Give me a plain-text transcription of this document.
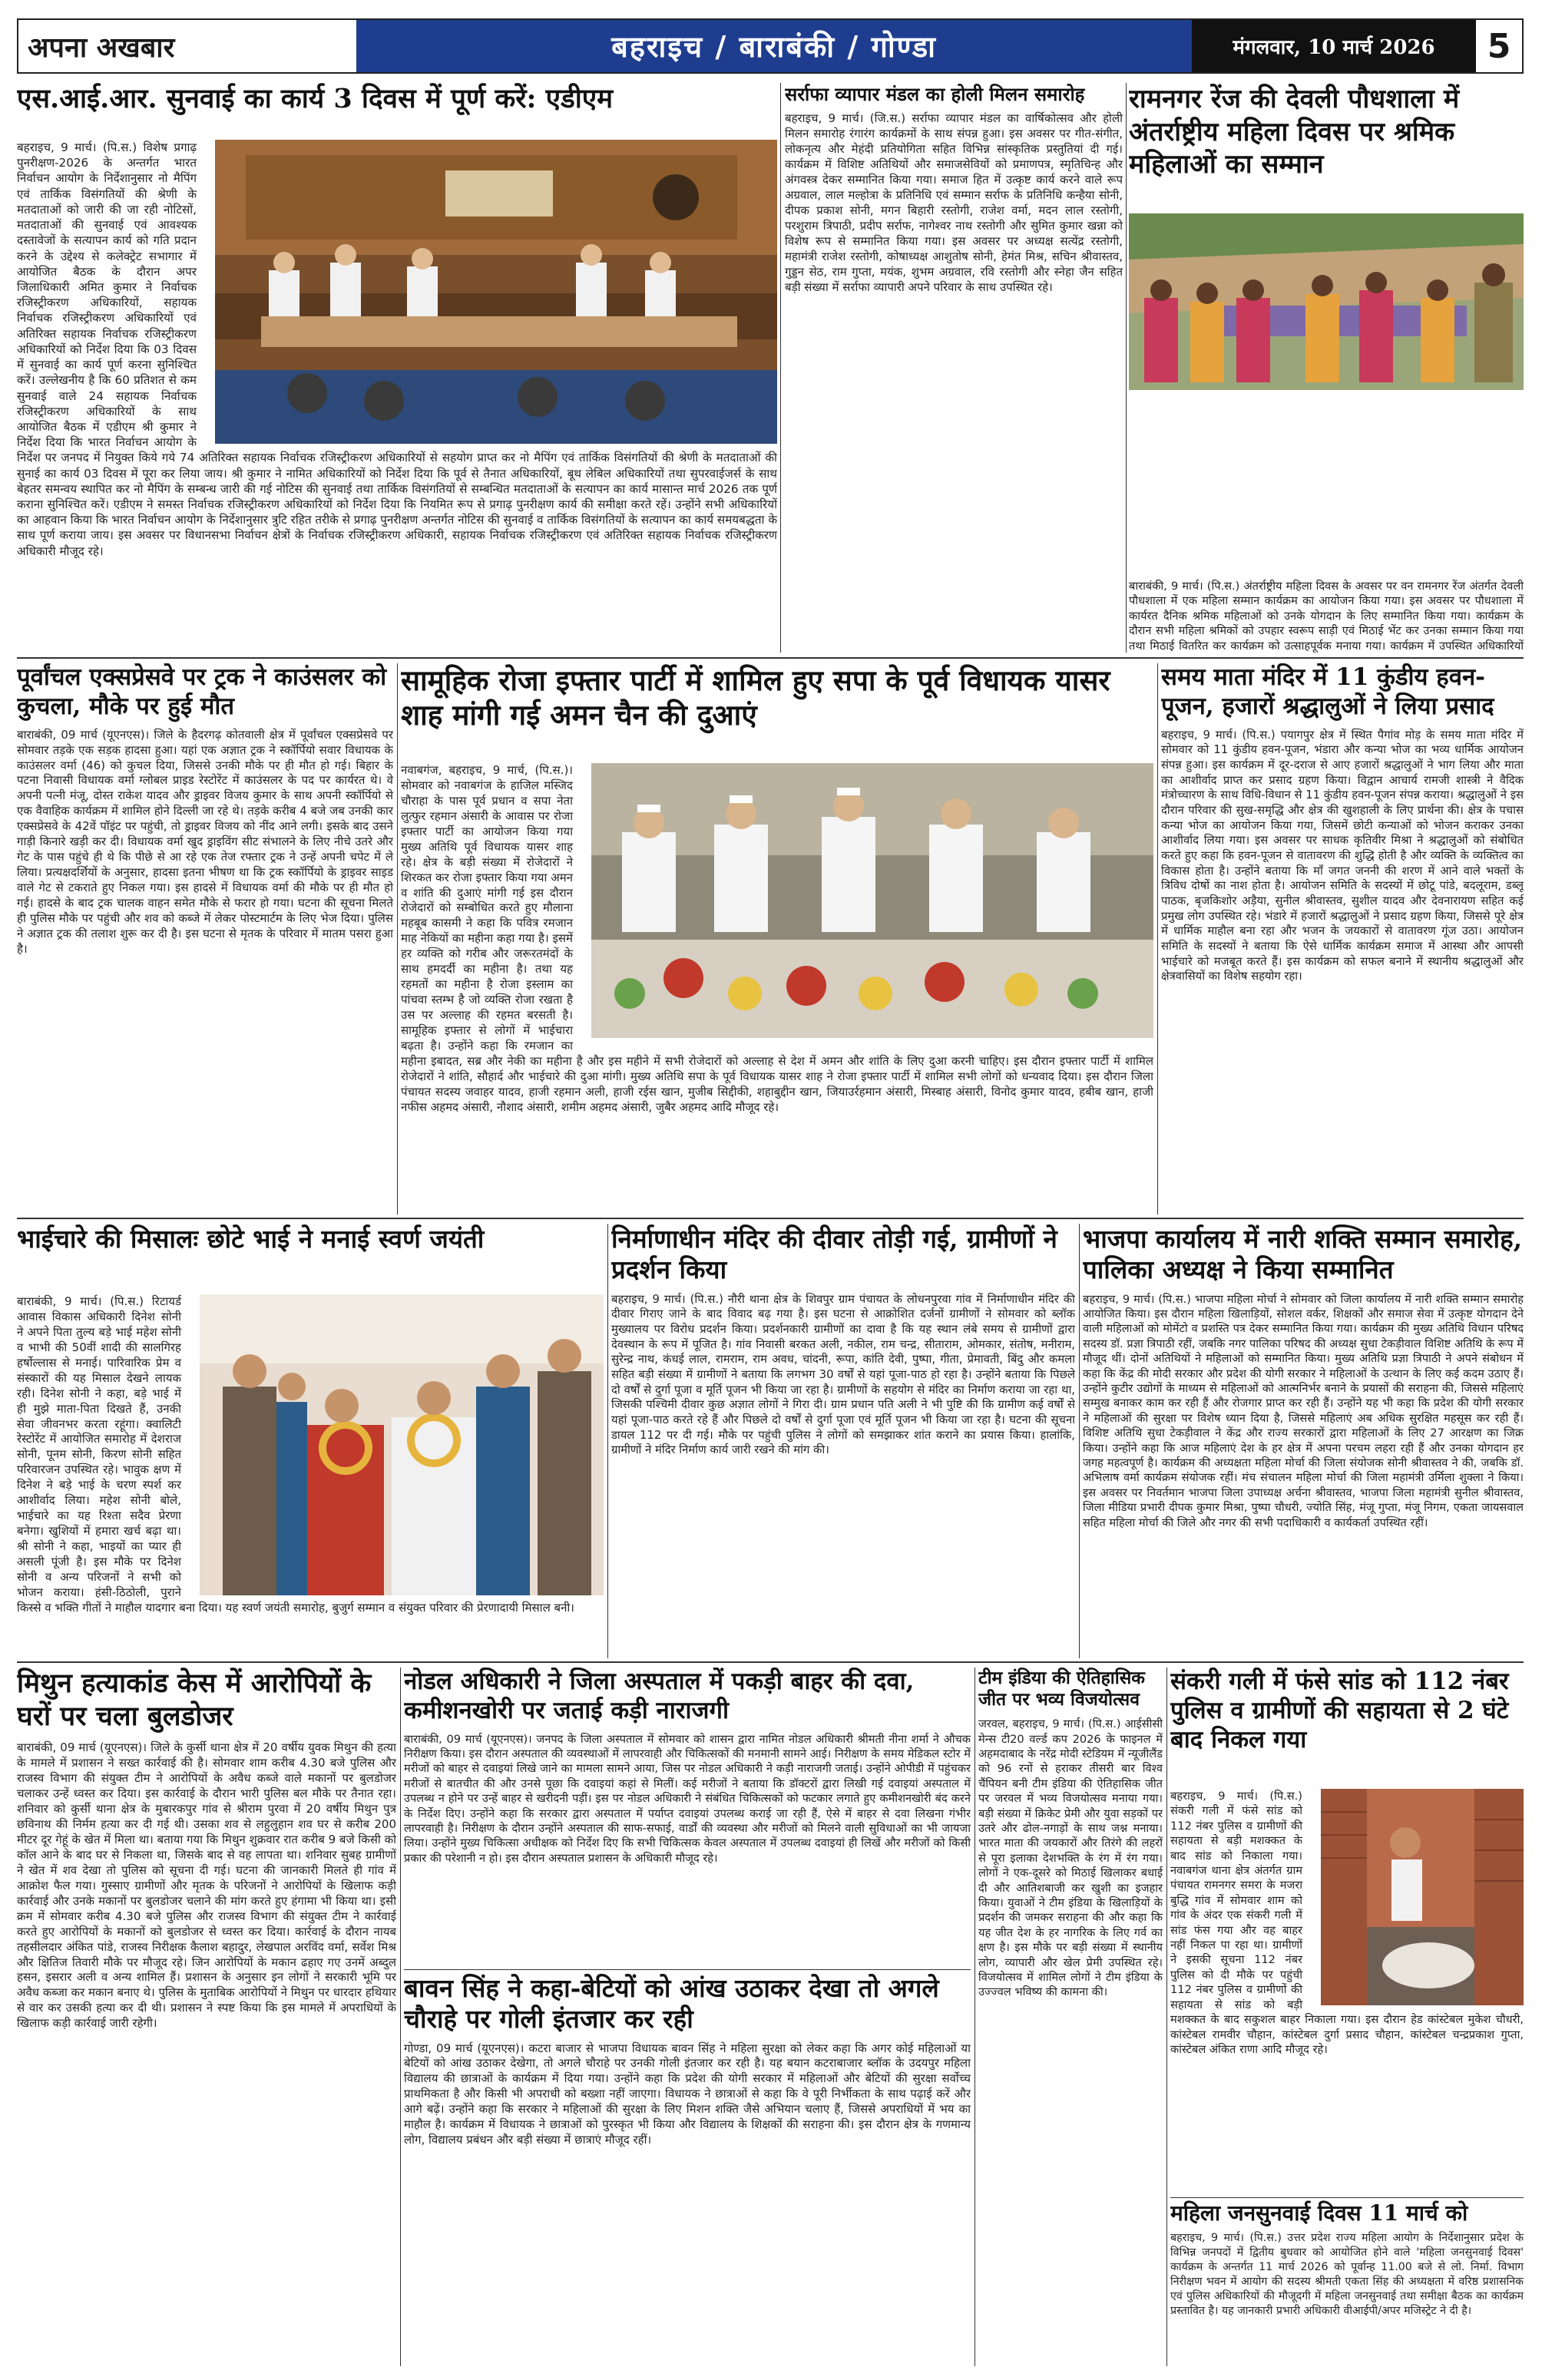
अपना अखबार	बहराइच / बाराबंकी / गोण्डा	मंगलवार, 10 मार्च 2026	5
एस.आई.आर. सुनवाई का कार्य 3 दिवस में पूर्ण करें: एडीएम
बहराइच, 9 मार्च। (पि.स.) विशेष प्रगाढ़ पुनरीक्षण-2026 के अन्तर्गत भारत निर्वाचन आयोग के निर्देशानुसार नो मैपिंग एवं तार्किक विसंगतियों की श्रेणी के मतदाताओं को जारी की जा रही नोटिसों, मतदाताओं की सुनवाई एवं आवश्यक दस्तावेजों के सत्यापन कार्य को गति प्रदान करने के उद्देश्य से कलेक्ट्रेट सभागार में आयोजित बैठक के दौरान अपर जिलाधिकारी अमित कुमार ने निर्वाचक रजिस्ट्रीकरण अधिकारियों, सहायक निर्वाचक रजिस्ट्रीकरण अधिकारियों एवं अतिरिक्त सहायक निर्वाचक रजिस्ट्रीकरण अधिकारियों को निर्देश दिया कि 03 दिवस में सुनवाई का कार्य पूर्ण करना सुनिश्चित करें। उल्लेखनीय है कि 60 प्रतिशत से कम सुनवाई वाले 24 सहायक निर्वाचक रजिस्ट्रीकरण अधिकारियों के साथ आयोजित बैठक में एडीएम श्री कुमार ने निर्देश दिया कि भारत निर्वाचन आयोग के निर्देश पर जनपद में नियुक्त किये गये 74 अतिरिक्त सहायक निर्वाचक रजिस्ट्रीकरण अधिकारियों से सहयोग प्राप्त कर नो मैपिंग एवं तार्किक विसंगतियों की श्रेणी के मतदाताओं की सुनाई का कार्य 03 दिवस में पूरा कर लिया जाय। श्री कुमार ने नामित अधिकारियों को निर्देश दिया कि पूर्व से तैनात अधिकारियों, बूथ लेबिल अधिकारियों तथा सुपरवाईजर्स के साथ बेहतर समन्वय स्थापित कर नो मैपिंग के सम्बन्ध जारी की गई नोटिस की सुनवाई तथा तार्किक विसंगतियों से सम्बन्धित मतदाताओं के सत्यापन का कार्य मासान्त मार्च 2026 तक पूर्ण कराना सुनिश्चित करें। एडीएम ने समस्त निर्वाचक रजिस्ट्रीकरण अधिकारियों को निर्देश दिया कि नियमित रूप से प्रगाढ़ पुनरीक्षण कार्य की समीक्षा करते रहें। उन्होंने सभी अधिकारियों का आहवान किया कि भारत निर्वाचन आयोग के निर्देशानुसार त्रुटि रहित तरीके से प्रगाढ़ पुनरीक्षण अन्तर्गत नोटिस की सुनवाई व तार्किक विसंगतियों के सत्यापन का कार्य समयबद्धता के साथ पूर्ण कराया जाय। इस अवसर पर विधानसभा निर्वाचन क्षेत्रों के निर्वाचक रजिस्ट्रीकरण अधिकारी, सहायक निर्वाचक रजिस्ट्रीकरण एवं अतिरिक्त सहायक निर्वाचक रजिस्ट्रीकरण अधिकारी मौजूद रहे।
सर्राफा व्यापार मंडल का होली मिलन समारोह
बहराइच, 9 मार्च। (जि.स.) सर्राफा व्यापार मंडल का वार्षिकोत्सव और होली मिलन समारोह रंगारंग कार्यक्रमों के साथ संपन्न हुआ। इस अवसर पर गीत-संगीत, लोकनृत्य और मेहंदी प्रतियोगिता सहित विभिन्न सांस्कृतिक प्रस्तुतियां दी गई। कार्यक्रम में विशिष्ट अतिथियों और समाजसेवियों को प्रमाणपत्र, स्मृतिचिन्ह और अंगवस्त्र देकर सम्मानित किया गया। समाज हित में उत्कृष्ट कार्य करने वाले रूप अग्रवाल, लाल मल्होत्रा के प्रतिनिधि एवं सम्मान सर्राफ के प्रतिनिधि कन्हैया सोनी, दीपक प्रकाश सोनी, मगन बिहारी रस्तोगी, राजेश वर्मा, मदन लाल रस्तोगी, परशुराम त्रिपाठी, प्रदीप सर्राफ, नागेश्वर नाथ रस्तोगी और सुमित कुमार खन्ना को विशेष रूप से सम्मानित किया गया। इस अवसर पर अध्यक्ष सत्येंद्र रस्तोगी, महामंत्री राजेश रस्तोगी, कोषाध्यक्ष आशुतोष सोनी, हेमंत मिश्र, सचिन श्रीवास्तव, गुड्डन सेठ, राम गुप्ता, मयंक, शुभम अग्रवाल, रवि रस्तोगी और स्नेहा जैन सहित बड़ी संख्या में सर्राफा व्यापारी अपने परिवार के साथ उपस्थित रहे।
रामनगर रेंज की देवली पौधशाला में अंतर्राष्ट्रीय महिला दिवस पर श्रमिक महिलाओं का सम्मान
बाराबंकी, 9 मार्च। (पि.स.) अंतर्राष्ट्रीय महिला दिवस के अवसर पर वन रामनगर रेंज अंतर्गत देवली पौधशाला में एक महिला सम्मान कार्यक्रम का आयोजन किया गया। इस अवसर पर पौधशाला में कार्यरत दैनिक श्रमिक महिलाओं को उनके योगदान के लिए सम्मानित किया गया। कार्यक्रम के दौरान सभी महिला श्रमिकों को उपहार स्वरूप साड़ी एवं मिठाई भेंट कर उनका सम्मान किया गया तथा मिठाई वितरित कर कार्यक्रम को उत्साहपूर्वक मनाया गया। कार्यक्रम में उपस्थित अधिकारियों
पूर्वांचल एक्सप्रेसवे पर ट्रक ने काउंसलर को कुचला, मौके पर हुई मौत
बाराबंकी, 09 मार्च (यूएनएस)। जिले के हैदरगढ़ कोतवाली क्षेत्र में पूर्वांचल एक्सप्रेसवे पर सोमवार तड़के एक सड़क हादसा हुआ। यहां एक अज्ञात ट्रक ने स्कॉर्पियो सवार विधायक के काउंसलर वर्मा (46) को कुचल दिया, जिससे उनकी मौके पर ही मौत हो गई। बिहार के पटना निवासी विधायक वर्मा ग्लोबल प्राइड रेस्टोरेंट में काउंसलर के पद पर कार्यरत थे। वे अपनी पत्नी मंजू, दोस्त राकेश यादव और ड्राइवर विजय कुमार के साथ अपनी स्कॉर्पियो से एक वैवाहिक कार्यक्रम में शामिल होने दिल्ली जा रहे थे। तड़के करीब 4 बजे जब उनकी कार एक्सप्रेसवे के 42वें पॉइंट पर पहुंची, तो ड्राइवर विजय को नींद आने लगी। इसके बाद उसने गाड़ी किनारे खड़ी कर दी। विधायक वर्मा खुद ड्राइविंग सीट संभालने के लिए नीचे उतरे और गेट के पास पहुंचे ही थे कि पीछे से आ रहे एक तेज रफ्तार ट्रक ने उन्हें अपनी चपेट में ले लिया। प्रत्यक्षदर्शियों के अनुसार, हादसा इतना भीषण था कि ट्रक स्कॉर्पियो के ड्राइवर साइड वाले गेट से टकराते हुए निकल गया। इस हादसे में विधायक वर्मा की मौके पर ही मौत हो गई। हादसे के बाद ट्रक चालक वाहन समेत मौके से फरार हो गया। घटना की सूचना मिलते ही पुलिस मौके पर पहुंची और शव को कब्जे में लेकर पोस्टमार्टम के लिए भेज दिया। पुलिस ने अज्ञात ट्रक की तलाश शुरू कर दी है। इस घटना से मृतक के परिवार में मातम पसरा हुआ है।
सामूहिक रोजा इफ्तार पार्टी में शामिल हुए सपा के पूर्व विधायक यासर शाह मांगी गई अमन चैन की दुआएं
नवाबगंज, बहराइच, 9 मार्च, (पि.स.)। सोमवार को नवाबगंज के हाजिल मस्जिद चौराहा के पास पूर्व प्रधान व सपा नेता लुत्फुर रहमान अंसारी के आवास पर रोजा इफ्तार पार्टी का आयोजन किया गया मुख्य अतिथि पूर्व विधायक यासर शाह रहे। क्षेत्र के बड़ी संख्या में रोजेदारों ने शिरकत कर रोजा इफ्तार किया गया अमन व शांति की दुआएं मांगी गई इस दौरान रोजेदारों को सम्बोधित करते हुए मौलाना महबूब कासमी ने कहा कि पवित्र रमजान माह नेकियों का महीना कहा गया है। इसमें हर व्यक्ति को गरीब और जरूरतमंदों के साथ हमदर्दी का महीना है। तथा यह रहमतों का महीना है रोजा इस्लाम का पांचवा स्तम्भ है जो व्यक्ति रोजा रखता है उस पर अल्लाह की रहमत बरसती है। सामूहिक इफ्तार से लोगों में भाईचारा बढ़ता है। उन्होंने कहा कि रमजान का महीना इबादत, सब्र और नेकी का महीना है और इस महीने में सभी रोजेदारों को अल्लाह से देश में अमन और शांति के लिए दुआ करनी चाहिए। इस दौरान इफ्तार पार्टी में शामिल रोजेदारों ने शांति, सौहार्द और भाईचारे की दुआ मांगी। मुख्य अतिथि सपा के पूर्व विधायक यासर शाह ने रोजा इफ्तार पार्टी में शामिल सभी लोगों को धन्यवाद दिया। इस दौरान जिला पंचायत सदस्य जवाहर यादव, हाजी रहमान अली, हाजी रईस खान, मुजीब सिद्दीकी, शहाबुद्दीन खान, जियाउर्रहमान अंसारी, मिस्बाह अंसारी, विनोद कुमार यादव, हबीब खान, हाजी नफीस अहमद अंसारी, नौशाद अंसारी, शमीम अहमद अंसारी, जुबैर अहमद आदि मौजूद रहे।
समय माता मंदिर में 11 कुंडीय हवन-पूजन, हजारों श्रद्धालुओं ने लिया प्रसाद
बहराइच, 9 मार्च। (पि.स.) पयागपुर क्षेत्र में स्थित पैगांव मोड़ के समय माता मंदिर में सोमवार को 11 कुंडीय हवन-पूजन, भंडारा और कन्या भोज का भव्य धार्मिक आयोजन संपन्न हुआ। इस कार्यक्रम में दूर-दराज से आए हजारों श्रद्धालुओं ने भाग लिया और माता का आशीर्वाद प्राप्त कर प्रसाद ग्रहण किया। विद्वान आचार्य रामजी शास्त्री ने वैदिक मंत्रोच्चारण के साथ विधि-विधान से 11 कुंडीय हवन-पूजन संपन्न कराया। श्रद्धालुओं ने इस दौरान परिवार की सुख-समृद्धि और क्षेत्र की खुशहाली के लिए प्रार्थना की। क्षेत्र के पचास कन्या भोज का आयोजन किया गया, जिसमें छोटी कन्याओं को भोजन कराकर उनका आशीर्वाद लिया गया। इस अवसर पर साधक कृतिवीर मिश्रा ने श्रद्धालुओं को संबोधित करते हुए कहा कि हवन-पूजन से वातावरण की शुद्धि होती है और व्यक्ति के व्यक्तित्व का विकास होता है। उन्होंने बताया कि माँ जगत जननी की शरण में आने वाले भक्तों के त्रिविध दोषों का नाश होता है। आयोजन समिति के सदस्यों में छोटू पांडे, बदलूराम, डब्लू पाठक, बृजकिशोर अड़ैया, सुनील श्रीवास्तव, सुशील यादव और देवनारायण सहित कई प्रमुख लोग उपस्थित रहे। भंडारे में हजारों श्रद्धालुओं ने प्रसाद ग्रहण किया, जिससे पूरे क्षेत्र में धार्मिक माहौल बना रहा और भजन के जयकारों से वातावरण गूंज उठा। आयोजन समिति के सदस्यों ने बताया कि ऐसे धार्मिक कार्यक्रम समाज में आस्था और आपसी भाईचारे को मजबूत करते हैं। इस कार्यक्रम को सफल बनाने में स्थानीय श्रद्धालुओं और क्षेत्रवासियों का विशेष सहयोग रहा।
भाईचारे की मिसालः छोटे भाई ने मनाई स्वर्ण जयंती
बाराबंकी, 9 मार्च। (पि.स.) रिटायर्ड आवास विकास अधिकारी दिनेश सोनी ने अपने पिता तुल्य बड़े भाई महेश सोनी व भाभी की 50वीं शादी की सालगिरह हर्षोल्लास से मनाई। पारिवारिक प्रेम व संस्कारों की यह मिसाल देखने लायक रही। दिनेश सोनी ने कहा, बड़े भाई में ही मुझे माता-पिता दिखते हैं, उनकी सेवा जीवनभर करता रहूंगा। क्वालिटी रेस्टोरेंट में आयोजित समारोह में देशराज सोनी, पूनम सोनी, किरण सोनी सहित परिवारजन उपस्थित रहे। भावुक क्षण में दिनेश ने बड़े भाई के चरण स्पर्श कर आशीर्वाद लिया। महेश सोनी बोले, भाईचारे का यह रिश्ता सदैव प्रेरणा बनेगा। खुशियों में हमारा खर्च बढ़ा था। श्री सोनी ने कहा, भाइयों का प्यार ही असली पूंजी है। इस मौके पर दिनेश सोनी व अन्य परिजनों ने सभी को भोजन कराया। हंसी-ठिठोली, पुराने किस्से व भक्ति गीतों ने माहौल यादगार बना दिया। यह स्वर्ण जयंती समारोह, बुजुर्ग सम्मान व संयुक्त परिवार की प्रेरणादायी मिसाल बनी।
निर्माणाधीन मंदिर की दीवार तोड़ी गई, ग्रामीणों ने प्रदर्शन किया
बहराइच, 9 मार्च। (पि.स.) नौरी थाना क्षेत्र के शिवपुर ग्राम पंचायत के लोधनपुरवा गांव में निर्माणाधीन मंदिर की दीवार गिराए जाने के बाद विवाद बढ़ गया है। इस घटना से आक्रोशित दर्जनों ग्रामीणों ने सोमवार को ब्लॉक मुख्यालय पर विरोध प्रदर्शन किया। प्रदर्शनकारी ग्रामीणों का दावा है कि यह स्थान लंबे समय से ग्रामीणों द्वारा देवस्थान के रूप में पूजित है। गांव निवासी बरकत अली, नकील, राम चन्द्र, सीताराम, ओमकार, संतोष, मनीराम, सुरेन्द्र नाथ, कंधई लाल, रामराम, राम अवध, चांदनी, रूपा, कांति देवी, पुष्पा, गीता, प्रेमावती, बिंदु और कमला सहित बड़ी संख्या में ग्रामीणों ने बताया कि लगभग 30 वर्षों से यहां पूजा-पाठ हो रहा है। उन्होंने बताया कि पिछले दो वर्षों से दुर्गा पूजा व मूर्ति पूजन भी किया जा रहा है। ग्रामीणों के सहयोग से मंदिर का निर्माण कराया जा रहा था, जिसकी पश्चिमी दीवार कुछ अज्ञात लोगों ने गिरा दी। ग्राम प्रधान पति अली ने भी पुष्टि की कि ग्रामीण कई वर्षों से यहां पूजा-पाठ करते रहे हैं और पिछले दो वर्षों से दुर्गा पूजा एवं मूर्ति पूजन भी किया जा रहा है। घटना की सूचना डायल 112 पर दी गई। मौके पर पहुंची पुलिस ने लोगों को समझाकर शांत कराने का प्रयास किया। हालांकि, ग्रामीणों ने मंदिर निर्माण कार्य जारी रखने की मांग की।
भाजपा कार्यालय में नारी शक्ति सम्मान समारोह, पालिका अध्यक्ष ने किया सम्मानित
बहराइच, 9 मार्च। (पि.स.) भाजपा महिला मोर्चा ने सोमवार को जिला कार्यालय में नारी शक्ति सम्मान समारोह आयोजित किया। इस दौरान महिला खिलाड़ियों, सोशल वर्कर, शिक्षकों और समाज सेवा में उत्कृष्ट योगदान देने वाली महिलाओं को मोमेंटो व प्रशस्ति पत्र देकर सम्मानित किया गया। कार्यक्रम की मुख्य अतिथि विधान परिषद सदस्य डॉ. प्रज्ञा त्रिपाठी रहीं, जबकि नगर पालिका परिषद की अध्यक्ष सुधा टेकड़ीवाल विशिष्ट अतिथि के रूप में मौजूद थीं। दोनों अतिथियों ने महिलाओं को सम्मानित किया। मुख्य अतिथि प्रज्ञा त्रिपाठी ने अपने संबोधन में कहा कि केंद्र की मोदी सरकार और प्रदेश की योगी सरकार ने महिलाओं के उत्थान के लिए कई कदम उठाए हैं। उन्होंने कुटीर उद्योगों के माध्यम से महिलाओं को आत्मनिर्भर बनाने के प्रयासों की सराहना की, जिससे महिलाएं सम्मुख बनाकर काम कर रही हैं और रोजगार प्राप्त कर रही हैं। उन्होंने यह भी कहा कि प्रदेश की योगी सरकार ने महिलाओं की सुरक्षा पर विशेष ध्यान दिया है, जिससे महिलाएं अब अधिक सुरक्षित महसूस कर रही हैं। विशिष्ट अतिथि सुधा टेकड़ीवाल ने केंद्र और राज्य सरकारों द्वारा महिलाओं के लिए 27 आरक्षण का जिक्र किया। उन्होंने कहा कि आज महिलाएं देश के हर क्षेत्र में अपना परचम लहरा रही हैं और उनका योगदान हर जगह महत्वपूर्ण है। कार्यक्रम की अध्यक्षता महिला मोर्चा की जिला संयोजक सोनी श्रीवास्तव ने की, जबकि डॉ. अभिलाष वर्मा कार्यक्रम संयोजक रहीं। मंच संचालन महिला मोर्चा की जिला महामंत्री उर्मिला शुक्ला ने किया। इस अवसर पर निवर्तमान भाजपा जिला उपाध्यक्ष अर्चना श्रीवास्तव, भाजपा जिला महामंत्री सुनील श्रीवास्तव, जिला मीडिया प्रभारी दीपक कुमार मिश्रा, पुष्पा चौधरी, ज्योति सिंह, मंजू गुप्ता, मंजू निगम, एकता जायसवाल सहित महिला मोर्चा की जिले और नगर की सभी पदाधिकारी व कार्यकर्ता उपस्थित रहीं।
मिथुन हत्याकांड केस में आरोपियों के घरों पर चला बुलडोजर
बाराबंकी, 09 मार्च (यूएनएस)। जिले के कुर्सी थाना क्षेत्र में 20 वर्षीय युवक मिथुन की हत्या के मामले में प्रशासन ने सख्त कार्रवाई की है। सोमवार शाम करीब 4.30 बजे पुलिस और राजस्व विभाग की संयुक्त टीम ने आरोपियों के अवैध कब्जे वाले मकानों पर बुलडोजर चलाकर उन्हें ध्वस्त कर दिया। इस कार्रवाई के दौरान भारी पुलिस बल मौके पर तैनात रहा। शनिवार को कुर्सी थाना क्षेत्र के मुबारकपुर गांव से श्रीराम पुरवा में 20 वर्षीय मिथुन पुत्र छविनाथ की निर्मम हत्या कर दी गई थी। उसका शव से लहुलुहान शव घर से करीब 200 मीटर दूर गेहूं के खेत में मिला था। बताया गया कि मिथुन शुक्रवार रात करीब 9 बजे किसी को कॉल आने के बाद घर से निकला था, जिसके बाद से वह लापता था। शनिवार सुबह ग्रामीणों ने खेत में शव देखा तो पुलिस को सूचना दी गई। घटना की जानकारी मिलते ही गांव में आक्रोश फैल गया। गुस्साए ग्रामीणों और मृतक के परिजनों ने आरोपियों के खिलाफ कड़ी कार्रवाई और उनके मकानों पर बुलडोजर चलाने की मांग करते हुए हंगामा भी किया था। इसी क्रम में सोमवार करीब 4.30 बजे पुलिस और राजस्व विभाग की संयुक्त टीम ने कार्रवाई करते हुए आरोपियों के मकानों को बुलडोजर से ध्वस्त कर दिया। कार्रवाई के दौरान नायब तहसीलदार अंकित पांडे, राजस्व निरीक्षक कैलाश बहादुर, लेखपाल अरविंद वर्मा, सर्वेश मिश्र और क्षितिज तिवारी मौके पर मौजूद रहे। जिन आरोपियों के मकान ढहाए गए उनमें अब्दुल हसन, इसरार अली व अन्य शामिल हैं। प्रशासन के अनुसार इन लोगों ने सरकारी भूमि पर अवैध कब्जा कर मकान बनाए थे। पुलिस के मुताबिक आरोपियों ने मिथुन पर धारदार हथियार से वार कर उसकी हत्या कर दी थी। प्रशासन ने स्पष्ट किया कि इस मामले में अपराधियों के खिलाफ कड़ी कार्रवाई जारी रहेगी।
नोडल अधिकारी ने जिला अस्पताल में पकड़ी बाहर की दवा, कमीशनखोरी पर जताई कड़ी नाराजगी
बाराबंकी, 09 मार्च (यूएनएस)। जनपद के जिला अस्पताल में सोमवार को शासन द्वारा नामित नोडल अधिकारी श्रीमती नीना शर्मा ने औचक निरीक्षण किया। इस दौरान अस्पताल की व्यवस्थाओं में लापरवाही और चिकित्सकों की मनमानी सामने आई। निरीक्षण के समय मेडिकल स्टोर में मरीजों को बाहर से दवाइयां लिखे जाने का मामला सामने आया, जिस पर नोडल अधिकारी ने कड़ी नाराजगी जताई। उन्होंने ओपीडी में पहुंचकर मरीजों से बातचीत की और उनसे पूछा कि दवाइयां कहां से मिलीं। कई मरीजों ने बताया कि डॉक्टरों द्वारा लिखी गई दवाइयां अस्पताल में उपलब्ध न होने पर उन्हें बाहर से खरीदनी पड़ीं। इस पर नोडल अधिकारी ने संबंधित चिकित्सकों को फटकार लगाते हुए कमीशनखोरी बंद करने के निर्देश दिए। उन्होंने कहा कि सरकार द्वारा अस्पताल में पर्याप्त दवाइयां उपलब्ध कराई जा रही हैं, ऐसे में बाहर से दवा लिखना गंभीर लापरवाही है। निरीक्षण के दौरान उन्होंने अस्पताल की साफ-सफाई, वार्डों की व्यवस्था और मरीजों को मिलने वाली सुविधाओं का भी जायजा लिया। उन्होंने मुख्य चिकित्सा अधीक्षक को निर्देश दिए कि सभी चिकित्सक केवल अस्पताल में उपलब्ध दवाइयां ही लिखें और मरीजों को किसी प्रकार की परेशानी न हो। इस दौरान अस्पताल प्रशासन के अधिकारी मौजूद रहे।
बावन सिंह ने कहा-बेटियों को आंख उठाकर देखा तो अगले चौराहे पर गोली इंतजार कर रही
गोण्डा, 09 मार्च (यूएनएस)। कटरा बाजार से भाजपा विधायक बावन सिंह ने महिला सुरक्षा को लेकर कहा कि अगर कोई महिलाओं या बेटियों को आंख उठाकर देखेगा, तो अगले चौराहे पर उनकी गोली इंतजार कर रही है। यह बयान कटराबाजार ब्लॉक के उदयपुर महिला विद्यालय की छात्राओं के कार्यक्रम में दिया गया। उन्होंने कहा कि प्रदेश की योगी सरकार में महिलाओं और बेटियों की सुरक्षा सर्वोच्च प्राथमिकता है और किसी भी अपराधी को बख्शा नहीं जाएगा। विधायक ने छात्राओं से कहा कि वे पूरी निर्भीकता के साथ पढ़ाई करें और आगे बढ़ें। उन्होंने कहा कि सरकार ने महिलाओं की सुरक्षा के लिए मिशन शक्ति जैसे अभियान चलाए हैं, जिससे अपराधियों में भय का माहौल है। कार्यक्रम में विधायक ने छात्राओं को पुरस्कृत भी किया और विद्यालय के शिक्षकों की सराहना की। इस दौरान क्षेत्र के गणमान्य लोग, विद्यालय प्रबंधन और बड़ी संख्या में छात्राएं मौजूद रहीं।
टीम इंडिया की ऐतिहासिक जीत पर भव्य विजयोत्सव
जरवल, बहराइच, 9 मार्च। (पि.स.) आईसीसी मेन्स टी20 वर्ल्ड कप 2026 के फाइनल में अहमदाबाद के नरेंद्र मोदी स्टेडियम में न्यूजीलैंड को 96 रनों से हराकर तीसरी बार विश्व चैंपियन बनी टीम इंडिया की ऐतिहासिक जीत पर जरवल में भव्य विजयोत्सव मनाया गया। बड़ी संख्या में क्रिकेट प्रेमी और युवा सड़कों पर उतरे और ढोल-नगाड़ों के साथ जश्न मनाया। भारत माता की जयकारों और तिरंगे की लहरों से पूरा इलाका देशभक्ति के रंग में रंग गया। लोगों ने एक-दूसरे को मिठाई खिलाकर बधाई दी और आतिशबाजी कर खुशी का इजहार किया। युवाओं ने टीम इंडिया के खिलाड़ियों के प्रदर्शन की जमकर सराहना की और कहा कि यह जीत देश के हर नागरिक के लिए गर्व का क्षण है। इस मौके पर बड़ी संख्या में स्थानीय लोग, व्यापारी और खेल प्रेमी उपस्थित रहे। विजयोत्सव में शामिल लोगों ने टीम इंडिया के उज्ज्वल भविष्य की कामना की।
संकरी गली में फंसे सांड को 112 नंबर पुलिस व ग्रामीणों की सहायता से 2 घंटे बाद निकल गया
बहराइच, 9 मार्च। (पि.स.) संकरी गली में फंसे सांड को 112 नंबर पुलिस व ग्रामीणों की सहायता से बड़ी मशक्कत के बाद सांड को निकाला गया। नवाबगंज थाना क्षेत्र अंतर्गत ग्राम पंचायत रामनगर समरा के मजरा बुद्धि गांव में सोमवार शाम को गांव के अंदर एक संकरी गली में सांड फंस गया और वह बाहर नहीं निकल पा रहा था। ग्रामीणों ने इसकी सूचना 112 नंबर पुलिस को दी मौके पर पहुंची 112 नंबर पुलिस व ग्रामीणों की सहायता से सांड को बड़ी मशक्कत के बाद सकुशल बाहर निकाला गया। इस दौरान हेड कांस्टेबल मुकेश चौधरी, कांस्टेबल रामवीर चौहान, कांस्टेबल दुर्गा प्रसाद चौहान, कांस्टेबल चन्द्रप्रकाश गुप्ता, कांस्टेबल अंकित राणा आदि मौजूद रहे।
महिला जनसुनवाई दिवस 11 मार्च को
बहराइच, 9 मार्च। (पि.स.) उत्तर प्रदेश राज्य महिला आयोग के निर्देशानुसार प्रदेश के विभिन्न जनपदों में द्वितीय बुधवार को आयोजित होने वाले 'महिला जनसुनवाई दिवस' कार्यक्रम के अन्तर्गत 11 मार्च 2026 को पूर्वान्ह 11.00 बजे से लो. निर्मा. विभाग निरीक्षण भवन में आयोग की सदस्य श्रीमती एकता सिंह की अध्यक्षता में वरिष्ठ प्रशासनिक एवं पुलिस अधिकारियों की मौजूदगी में महिला जनसुनवाई तथा समीक्षा बैठक का कार्यक्रम प्रस्तावित है। यह जानकारी प्रभारी अधिकारी वीआईपी/अपर मजिस्ट्रेट ने दी है।
